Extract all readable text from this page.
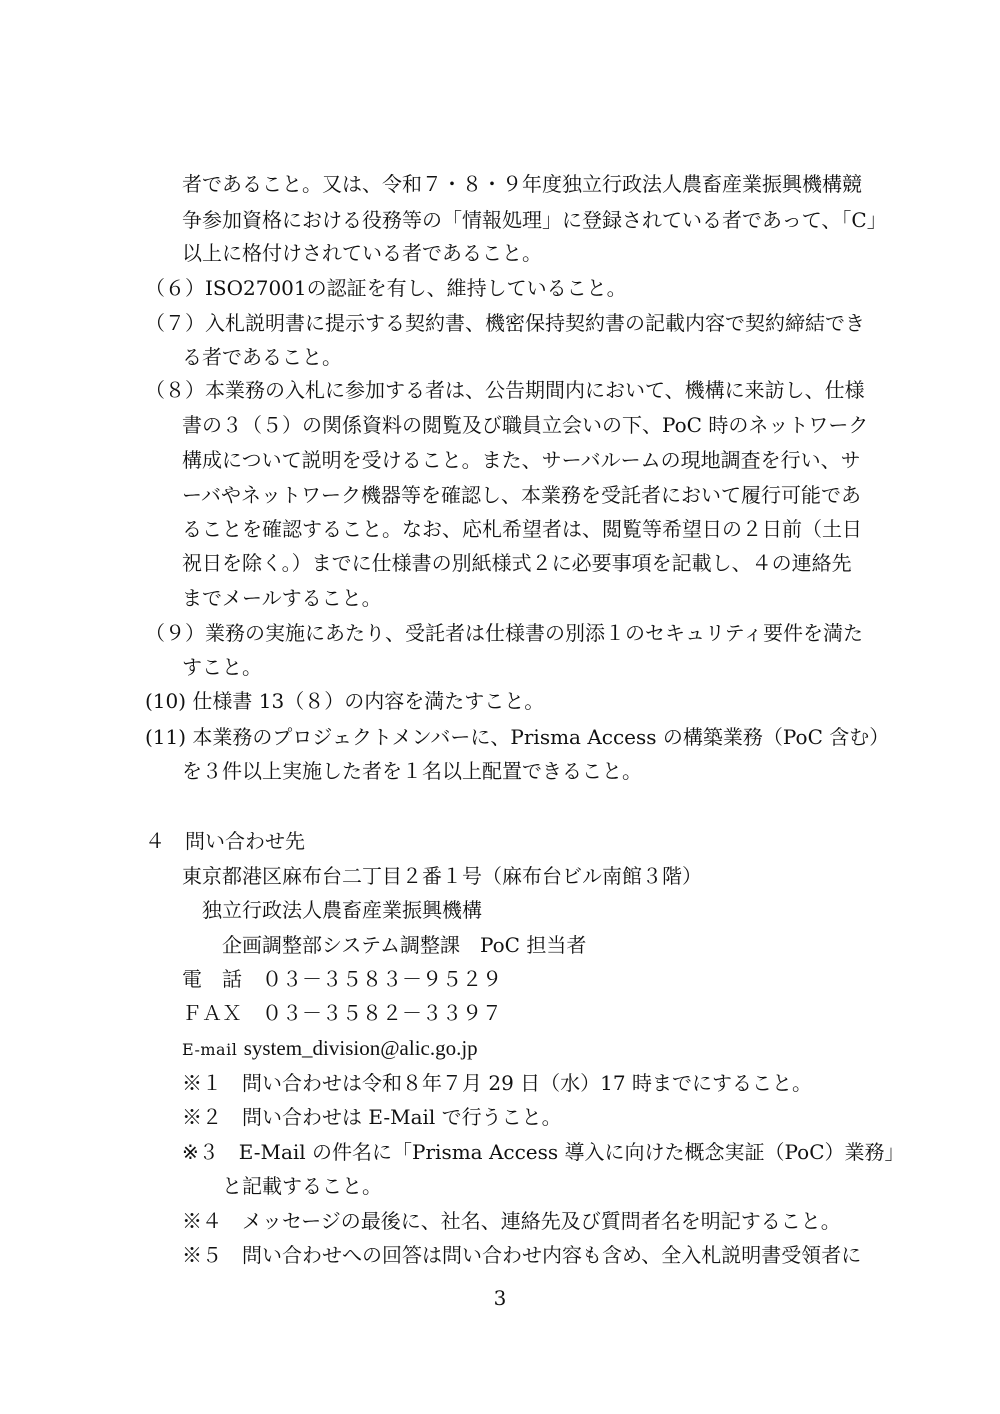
者であること。又は、令和７・８・９年度独立行政法人農畜産業振興機構競
争参加資格における役務等の「情報処理」に登録されている者であって、「C」
以上に格付けされている者であること。
（６）ISO27001の認証を有し、維持していること。
（７）入札説明書に提示する契約書、機密保持契約書の記載内容で契約締結でき
る者であること。
（８）本業務の入札に参加する者は、公告期間内において、機構に来訪し、仕様
書の３（５）の関係資料の閲覧及び職員立会いの下、PoC 時のネットワーク
構成について説明を受けること。また、サーバルームの現地調査を行い、サ
ーバやネットワーク機器等を確認し、本業務を受託者において履行可能であ
ることを確認すること。なお、応札希望者は、閲覧等希望日の２日前（土日
祝日を除く。）までに仕様書の別紙様式２に必要事項を記載し、４の連絡先
までメールすること。
（９）業務の実施にあたり、受託者は仕様書の別添１のセキュリティ要件を満た
すこと。
(10) 仕様書 13（８）の内容を満たすこと。
(11) 本業務のプロジェクトメンバーに、Prisma Access の構築業務（PoC 含む）
を３件以上実施した者を１名以上配置できること。
４　問い合わせ先
東京都港区麻布台二丁目２番１号（麻布台ビル南館３階）
独立行政法人農畜産業振興機構
企画調整部システム調整課　PoC 担当者
電　話　０３－３５８３－９５２９
ＦＡＸ　０３－３５８２－３３９７
E-mail system_division@alic.go.jp
※１　問い合わせは令和８年７月 29 日（水）17 時までにすること。
※２　問い合わせは E-Mail で行うこと。
※３　E-Mail の件名に「Prisma Access 導入に向けた概念実証（PoC）業務」
と記載すること。
※４　メッセージの最後に、社名、連絡先及び質問者名を明記すること。
※５　問い合わせへの回答は問い合わせ内容も含め、全入札説明書受領者に
3
